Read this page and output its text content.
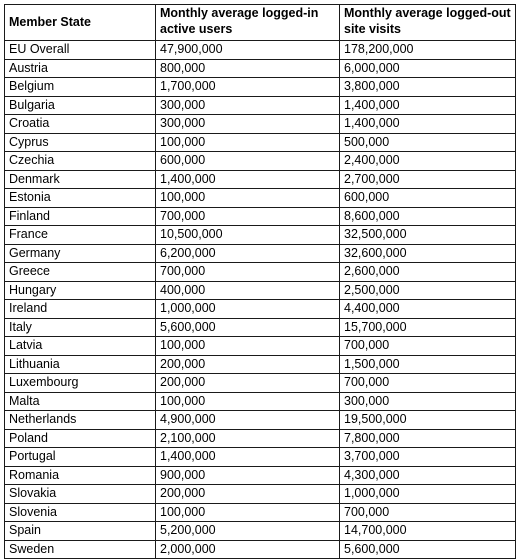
Member State	Monthly average logged-in active users	Monthly average logged-out site visits
EU Overall	47,900,000	178,200,000
Austria	800,000	6,000,000
Belgium	1,700,000	3,800,000
Bulgaria	300,000	1,400,000
Croatia	300,000	1,400,000
Cyprus	100,000	500,000
Czechia	600,000	2,400,000
Denmark	1,400,000	2,700,000
Estonia	100,000	600,000
Finland	700,000	8,600,000
France	10,500,000	32,500,000
Germany	6,200,000	32,600,000
Greece	700,000	2,600,000
Hungary	400,000	2,500,000
Ireland	1,000,000	4,400,000
Italy	5,600,000	15,700,000
Latvia	100,000	700,000
Lithuania	200,000	1,500,000
Luxembourg	200,000	700,000
Malta	100,000	300,000
Netherlands	4,900,000	19,500,000
Poland	2,100,000	7,800,000
Portugal	1,400,000	3,700,000
Romania	900,000	4,300,000
Slovakia	200,000	1,000,000
Slovenia	100,000	700,000
Spain	5,200,000	14,700,000
Sweden	2,000,000	5,600,000
